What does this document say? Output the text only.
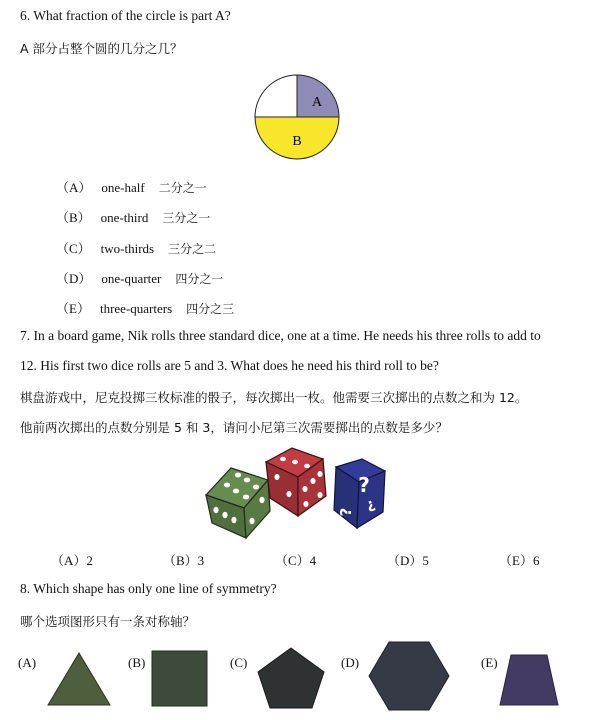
6. What fraction of the circle is part A?
A 部分占整个圆的几分之几？
A
B
（A） one-half 二分之一
（B） one-third 三分之一
（C） two-thirds 三分之二
（D） one-quarter 四分之一
（E） three-quarters 四分之三
7. In a board game, Nik rolls three standard dice, one at a time. He needs his three rolls to add to
12. His first two dice rolls are 5 and 3. What does he need his third roll to be?
棋盘游戏中，尼克投掷三枚标准的骰子，每次掷出一枚。他需要三次掷出的点数之和为 12。
他前两次掷出的点数分别是 5 和 3，请问小尼第三次需要掷出的点数是多少？
?
? ?
（A）2	（B）3	（C）4	（D）5	（E）6
8. Which shape has only one line of symmetry?
哪个选项图形只有一条对称轴？
(A)	(B)	(C)	(D)	(E)
